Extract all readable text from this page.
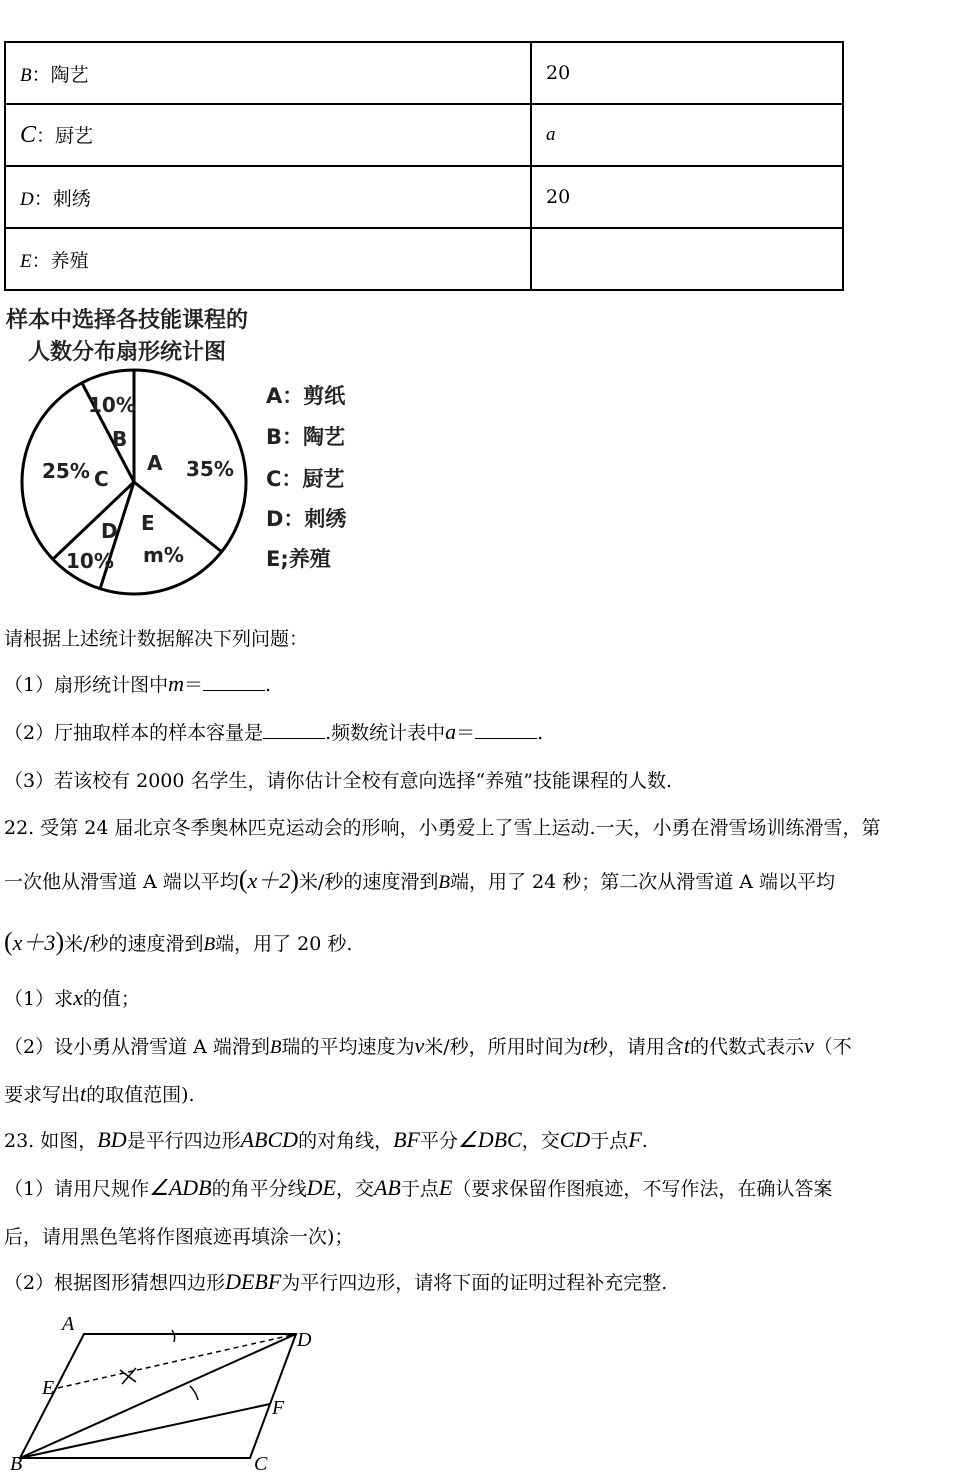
B：陶艺	20
C：厨艺	a
D：刺绣	20
E：养殖	
样本中选择各技能课程的
人数分布扇形统计图
10%
B
A 35%
25% C
D
10%
E
m%
A：剪纸
B：陶艺
C：厨艺
D：刺绣
E;养殖
请根据上述统计数据解决下列问题：
（1）扇形统计图中m＝	.
（2）厅抽取样本的样本容量是	.频数统计表中a＝	.
（3）若该校有 2000 名学生，请你估计全校有意向选择“养殖”技能课程的人数.
22. 受第 24 届北京冬季奥林匹克运动会的形响，小勇爱上了雪上运动.一天，小勇在滑雪场训练滑雪，第
一次他从滑雪道 A 端以平均(x＋2)米/秒的速度滑到B端，用了 24 秒；第二次从滑雪道 A 端以平均
(x＋3)米/秒的速度滑到B端，用了 20 秒.
（1）求x的值；
（2）设小勇从滑雪道 A 端滑到B瑞的平均速度为v米/秒，所用时间为t秒，请用含t的代数式表示v（不
要求写出t的取值范围).
23. 如图，BD是平行四边形ABCD的对角线，BF平分∠DBC，交CD于点F.
（1）请用尺规作∠ADB的角平分线DE，交AB于点E（要求保留作图痕迹，不写作法，在确认答案
后，请用黑色笔将作图痕迹再填涂一次)；
（2）根据图形猜想四边形DEBF为平行四边形，请将下面的证明过程补充完整.
A
D
E
F
B	C
